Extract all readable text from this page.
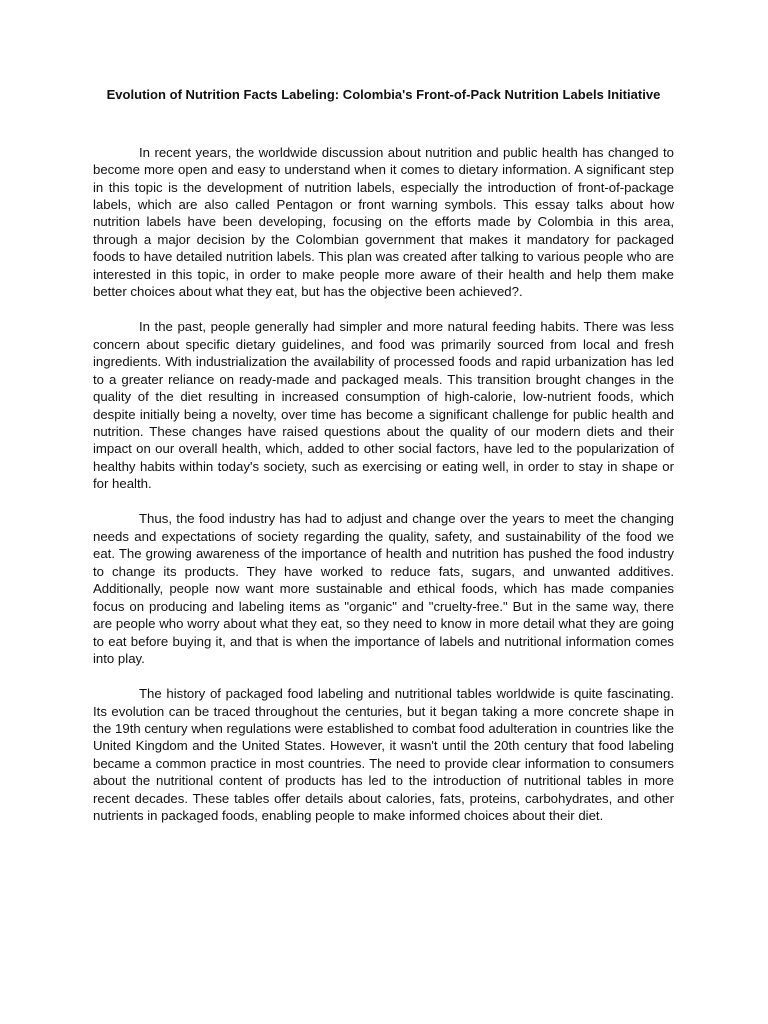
Evolution of Nutrition Facts Labeling: Colombia's Front-of-Pack Nutrition Labels Initiative

In recent years, the worldwide discussion about nutrition and public health has changed to become more open and easy to understand when it comes to dietary information. A significant step in this topic is the development of nutrition labels, especially the introduction of front-of-package labels, which are also called Pentagon or front warning symbols. This essay talks about how nutrition labels have been developing, focusing on the efforts made by Colombia in this area, through a major decision by the Colombian government that makes it mandatory for packaged foods to have detailed nutrition labels. This plan was created after talking to various people who are interested in this topic, in order to make people more aware of their health and help them make better choices about what they eat, but has the objective been achieved?.

In the past, people generally had simpler and more natural feeding habits. There was less concern about specific dietary guidelines, and food was primarily sourced from local and fresh ingredients. With industrialization the availability of processed foods and rapid urbanization has led to a greater reliance on ready-made and packaged meals. This transition brought changes in the quality of the diet resulting in increased consumption of high-calorie, low-nutrient foods, which despite initially being a novelty, over time has become a significant challenge for public health and nutrition. These changes have raised questions about the quality of our modern diets and their impact on our overall health, which, added to other social factors, have led to the popularization of healthy habits within today's society, such as exercising or eating well, in order to stay in shape or for health.

Thus, the food industry has had to adjust and change over the years to meet the changing needs and expectations of society regarding the quality, safety, and sustainability of the food we eat. The growing awareness of the importance of health and nutrition has pushed the food industry to change its products. They have worked to reduce fats, sugars, and unwanted additives. Additionally, people now want more sustainable and ethical foods, which has made companies focus on producing and labeling items as "organic" and "cruelty-free." But in the same way, there are people who worry about what they eat, so they need to know in more detail what they are going to eat before buying it, and that is when the importance of labels and nutritional information comes into play.

The history of packaged food labeling and nutritional tables worldwide is quite fascinating. Its evolution can be traced throughout the centuries, but it began taking a more concrete shape in the 19th century when regulations were established to combat food adulteration in countries like the United Kingdom and the United States. However, it wasn't until the 20th century that food labeling became a common practice in most countries. The need to provide clear information to consumers about the nutritional content of products has led to the introduction of nutritional tables in more recent decades. These tables offer details about calories, fats, proteins, carbohydrates, and other nutrients in packaged foods, enabling people to make informed choices about their diet.
